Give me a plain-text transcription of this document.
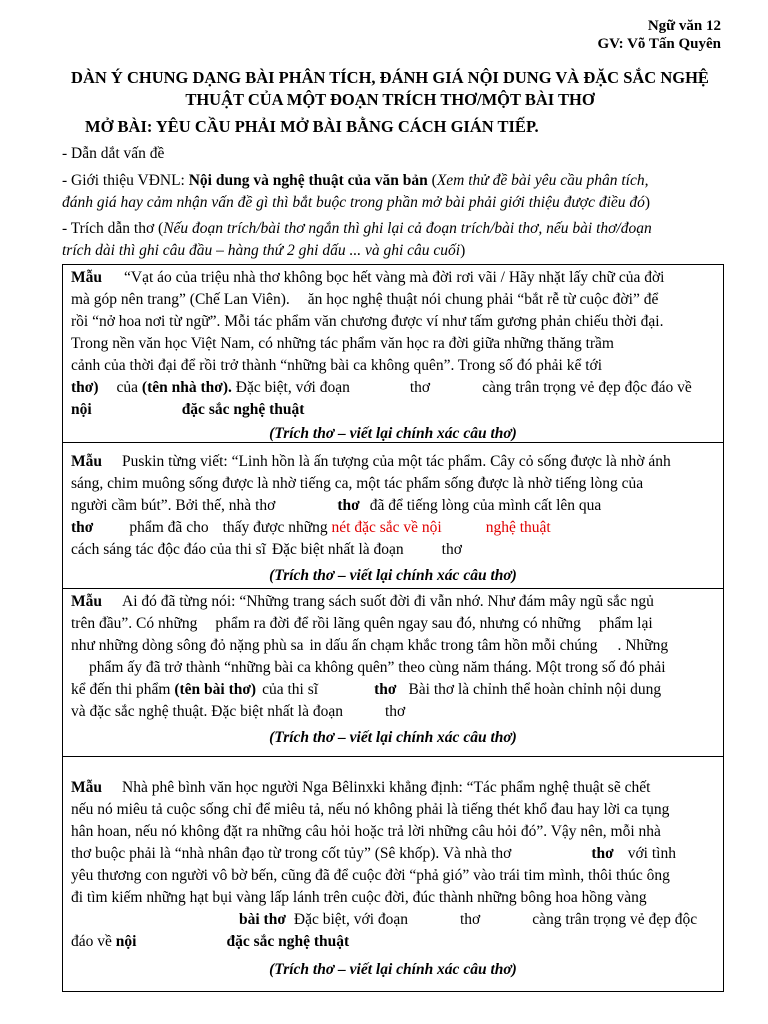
Ngữ văn 12
GV: Võ Tấn Quyên
DÀN Ý CHUNG DẠNG BÀI PHÂN TÍCH, ĐÁNH GIÁ NỘI DUNG VÀ ĐẶC SẮC NGHỆ
THUẬT CỦA MỘT ĐOẠN TRÍCH THƠ/MỘT BÀI THƠ
MỞ BÀI: YÊU CẦU PHẢI MỞ BÀI BẰNG CÁCH GIÁN TIẾP.
- Dẫn dắt vấn đề
- Giới thiệu VĐNL: Nội dung và nghệ thuật của văn bản (Xem thử đề bài yêu cầu phân tích,
đánh giá hay cảm nhận vấn đề gì thì bắt buộc trong phần mở bài phải giới thiệu được điều đó)
- Trích dẫn thơ (Nếu đoạn trích/bài thơ ngắn thì ghi lại cả đoạn trích/bài thơ, nếu bài thơ/đoạn
trích dài thì ghi câu đầu – hàng thứ 2 ghi dấu ... và ghi câu cuối)
Mẫu “Vạt áo của triệu nhà thơ không bọc hết vàng mà đời rơi vãi / Hãy nhặt lấy chữ của đời
mà góp nên trang” (Chế Lan Viên). ăn học nghệ thuật nói chung phải “bắt rễ từ cuộc đời” để
rồi “nở hoa nơi từ ngữ”. Mỗi tác phẩm văn chương được ví như tấm gương phản chiếu thời đại.
Trong nền văn học Việt Nam, có những tác phẩm văn học ra đời giữa những thăng trầm
cảnh của thời đại để rồi trở thành “những bài ca không quên”. Trong số đó phải kể tới
thơ) của (tên nhà thơ). Đặc biệt, với đoạn	thơ	càng trân trọng vẻ đẹp độc đáo về
nội	đặc sắc nghệ thuật
(Trích thơ – viết lại chính xác câu thơ)
Mẫu Puskin từng viết: “Linh hồn là ấn tượng của một tác phẩm. Cây cỏ sống được là nhờ ánh
sáng, chim muông sống được là nhờ tiếng ca, một tác phẩm sống được là nhờ tiếng lòng của
người cầm bút”. Bởi thế, nhà thơ	thơ đã để tiếng lòng của mình cất lên qua
thơ phẩm đã cho thấy được những nét đặc sắc về nội	nghệ thuật
cách sáng tác độc đáo của thi sĩ Đặc biệt nhất là đoạn thơ
(Trích thơ – viết lại chính xác câu thơ)
Mẫu Ai đó đã từng nói: “Những trang sách suốt đời đi vẫn nhớ. Như đám mây ngũ sắc ngủ
trên đầu”. Có những phẩm ra đời để rồi lãng quên ngay sau đó, nhưng có những phẩm lại
như những dòng sông đỏ nặng phù sa in dấu ấn chạm khắc trong tâm hồn mỗi chúng . Những
phẩm ấy đã trở thành “những bài ca không quên” theo cùng năm tháng. Một trong số đó phải
kể đến thi phẩm (tên bài thơ) của thi sĩ	thơ Bài thơ là chỉnh thể hoàn chỉnh nội dung
và đặc sắc nghệ thuật. Đặc biệt nhất là đoạn	thơ
(Trích thơ – viết lại chính xác câu thơ)
Mẫu Nhà phê bình văn học người Nga Bêlinxki khẳng định: “Tác phẩm nghệ thuật sẽ chết
nếu nó miêu tả cuộc sống chỉ để miêu tả, nếu nó không phải là tiếng thét khổ đau hay lời ca tụng
hân hoan, nếu nó không đặt ra những câu hỏi hoặc trả lời những câu hỏi đó”. Vậy nên, mỗi nhà
thơ buộc phải là “nhà nhân đạo từ trong cốt tủy” (Sê khốp). Và nhà thơ	thơ với tình
yêu thương con người vô bờ bến, cũng đã để cuộc đời “phả gió” vào trái tim mình, thôi thúc ông
đi tìm kiếm những hạt bụi vàng lấp lánh trên cuộc đời, đúc thành những bông hoa hồng vàng
bài thơ Đặc biệt, với đoạn	thơ	càng trân trọng vẻ đẹp độc
đáo về nội	đặc sắc nghệ thuật
(Trích thơ – viết lại chính xác câu thơ)
